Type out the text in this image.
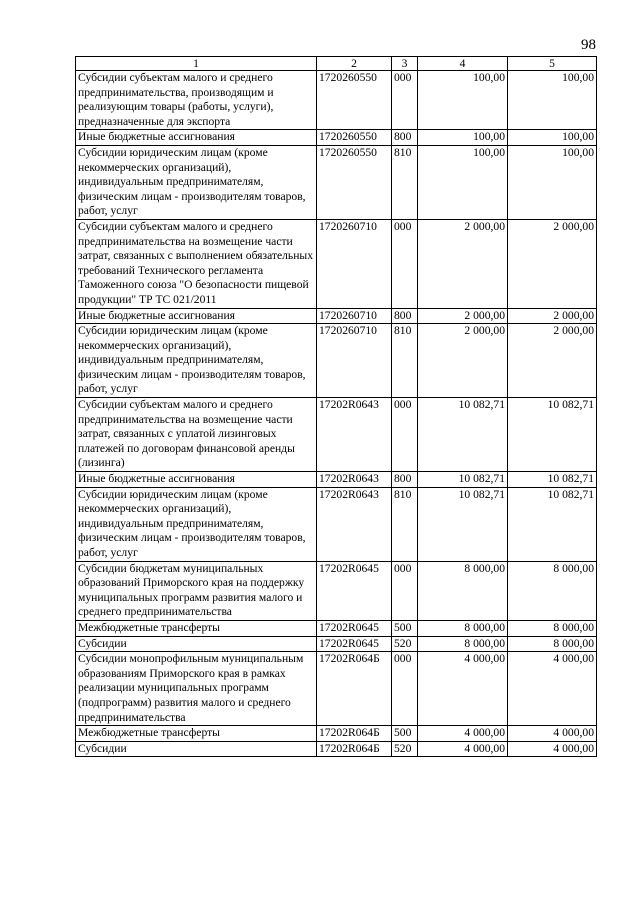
98
1	2	3	4	5
Субсидии субъектам малого и среднего предпринимательства, производящим и реализующим товары (работы, услуги), предназначенные для экспорта	1720260550	000	100,00	100,00
Иные бюджетные ассигнования	1720260550	800	100,00	100,00
Субсидии юридическим лицам (кроме некоммерческих организаций), индивидуальным предпринимателям, физическим лицам - производителям товаров, работ, услуг	1720260550	810	100,00	100,00
Субсидии субъектам малого и среднего предпринимательства на возмещение части затрат, связанных с выполнением обязательных требований Технического регламента Таможенного союза "О безопасности пищевой продукции" ТР ТС 021/2011	1720260710	000	2 000,00	2 000,00
Иные бюджетные ассигнования	1720260710	800	2 000,00	2 000,00
Субсидии юридическим лицам (кроме некоммерческих организаций), индивидуальным предпринимателям, физическим лицам - производителям товаров, работ, услуг	1720260710	810	2 000,00	2 000,00
Субсидии субъектам малого и среднего предпринимательства на возмещение части затрат, связанных с уплатой лизинговых платежей по договорам финансовой аренды (лизинга)	17202R0643	000	10 082,71	10 082,71
Иные бюджетные ассигнования	17202R0643	800	10 082,71	10 082,71
Субсидии юридическим лицам (кроме некоммерческих организаций), индивидуальным предпринимателям, физическим лицам - производителям товаров, работ, услуг	17202R0643	810	10 082,71	10 082,71
Субсидии бюджетам муниципальных образований Приморского края на поддержку муниципальных программ развития малого и среднего предпринимательства	17202R0645	000	8 000,00	8 000,00
Межбюджетные трансферты	17202R0645	500	8 000,00	8 000,00
Субсидии	17202R0645	520	8 000,00	8 000,00
Субсидии монопрофильным муниципальным образованиям Приморского края в рамках реализации муниципальных программ (подпрограмм) развития малого и среднего предпринимательства	17202R064Б	000	4 000,00	4 000,00
Межбюджетные трансферты	17202R064Б	500	4 000,00	4 000,00
Субсидии	17202R064Б	520	4 000,00	4 000,00
